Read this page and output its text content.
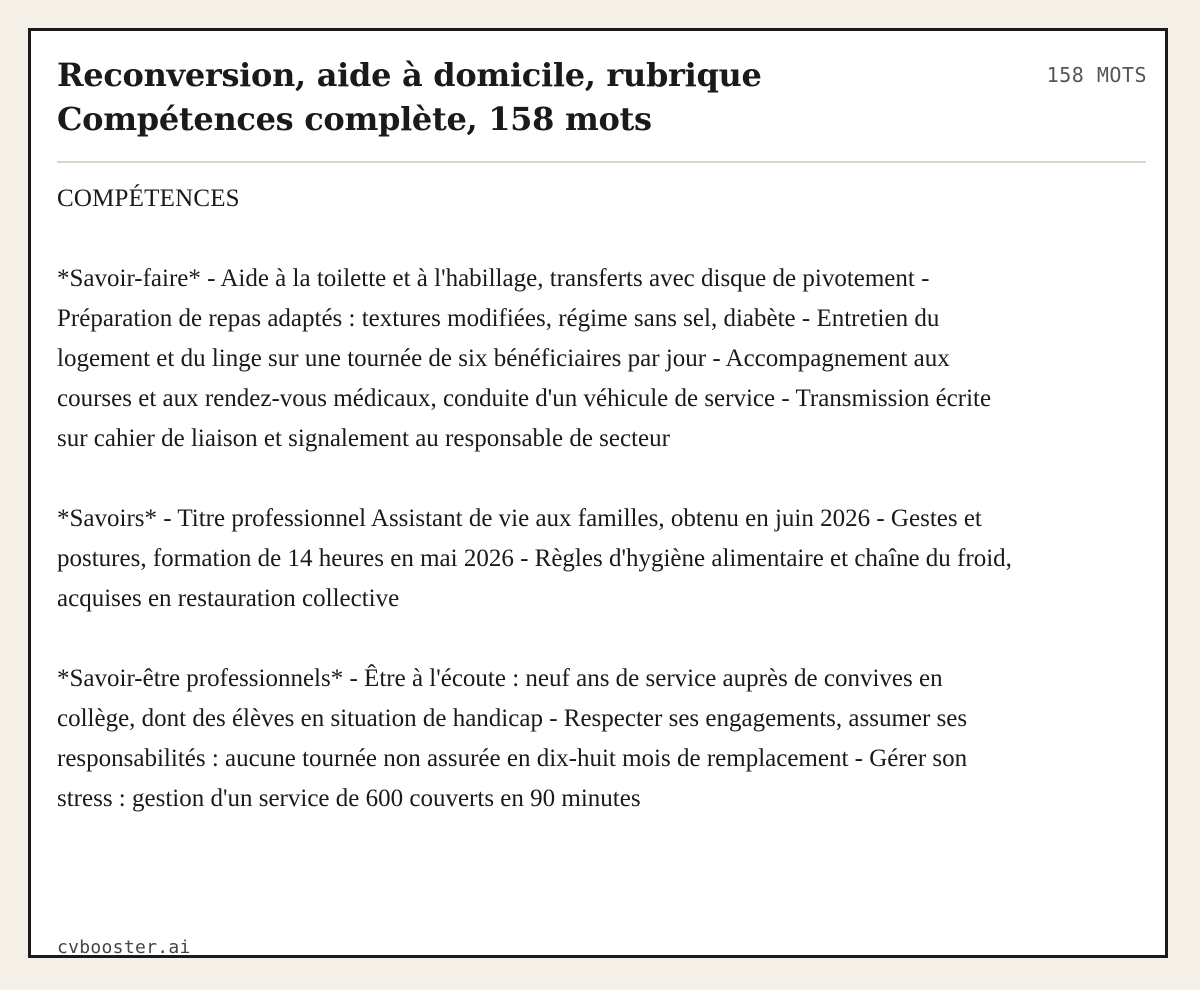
Reconversion, aide à domicile, rubrique Compétences complète, 158 mots
158 MOTS

COMPÉTENCES

*Savoir-faire* - Aide à la toilette et à l'habillage, transferts avec disque de pivotement - Préparation de repas adaptés : textures modifiées, régime sans sel, diabète - Entretien du logement et du linge sur une tournée de six bénéficiaires par jour - Accompagnement aux courses et aux rendez-vous médicaux, conduite d'un véhicule de service - Transmission écrite sur cahier de liaison et signalement au responsable de secteur

*Savoirs* - Titre professionnel Assistant de vie aux familles, obtenu en juin 2026 - Gestes et postures, formation de 14 heures en mai 2026 - Règles d'hygiène alimentaire et chaîne du froid, acquises en restauration collective

*Savoir-être professionnels* - Être à l'écoute : neuf ans de service auprès de convives en collège, dont des élèves en situation de handicap - Respecter ses engagements, assumer ses responsabilités : aucune tournée non assurée en dix-huit mois de remplacement - Gérer son stress : gestion d'un service de 600 couverts en 90 minutes

cvbooster.ai
